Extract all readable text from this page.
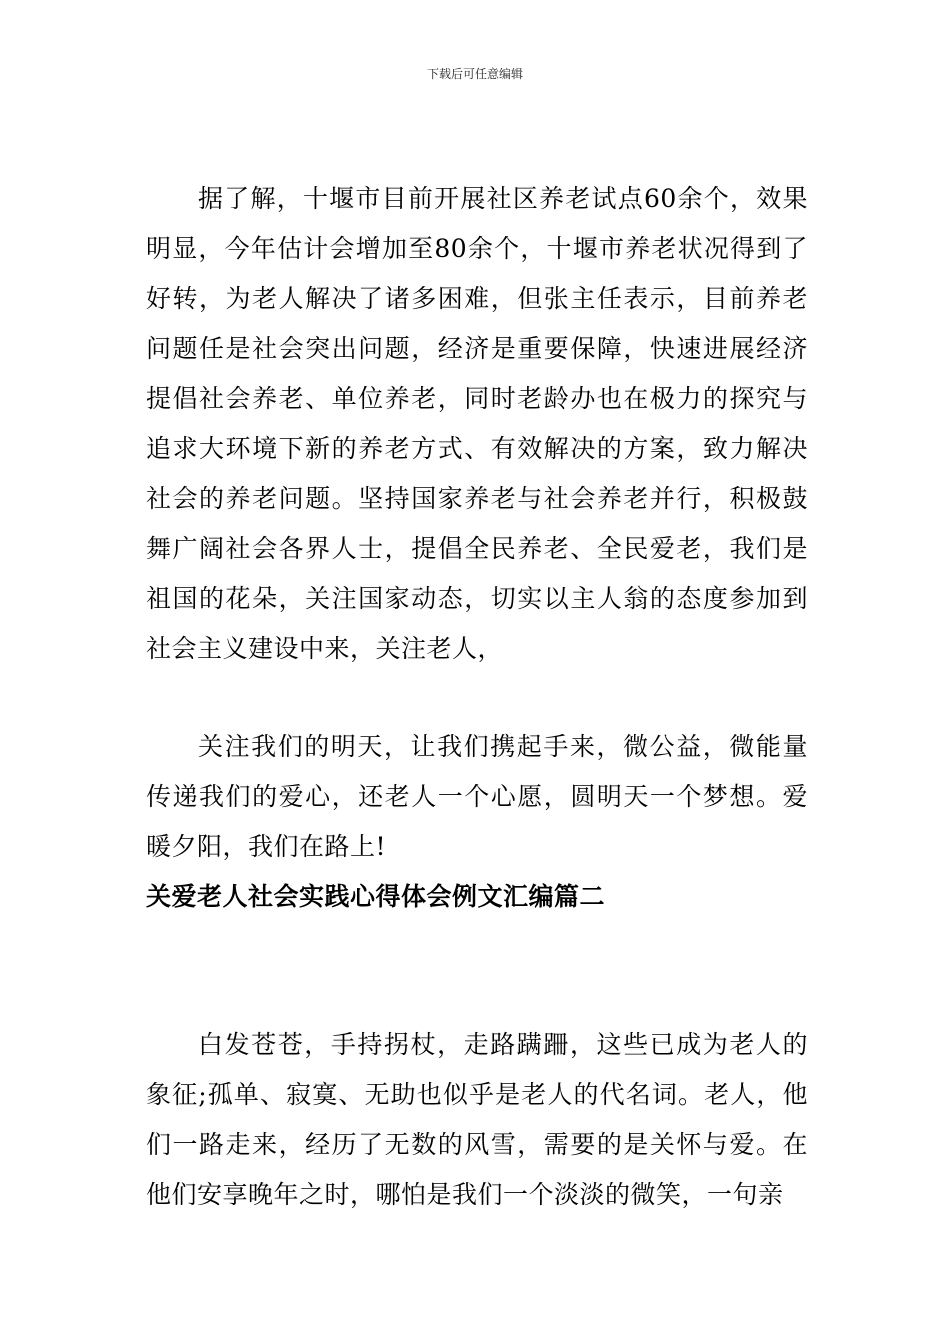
下载后可任意编辑

据了解，十堰市目前开展社区养老试点60余个，效果明显，今年估计会增加至80余个，十堰市养老状况得到了好转，为老人解决了诸多困难，但张主任表示，目前养老问题任是社会突出问题，经济是重要保障，快速进展经济提倡社会养老、单位养老，同时老龄办也在极力的探究与追求大环境下新的养老方式、有效解决的方案，致力解决社会的养老问题。坚持国家养老与社会养老并行，积极鼓舞广阔社会各界人士，提倡全民养老、全民爱老，我们是祖国的花朵，关注国家动态，切实以主人翁的态度参加到社会主义建设中来，关注老人，

关注我们的明天，让我们携起手来，微公益，微能量传递我们的爱心，还老人一个心愿，圆明天一个梦想。爱暖夕阳，我们在路上!

关爱老人社会实践心得体会例文汇编篇二

白发苍苍，手持拐杖，走路蹒跚，这些已成为老人的象征;孤单、寂寞、无助也似乎是老人的代名词。老人，他们一路走来，经历了无数的风雪，需要的是关怀与爱。在他们安享晚年之时，哪怕是我们一个淡淡的微笑，一句亲
